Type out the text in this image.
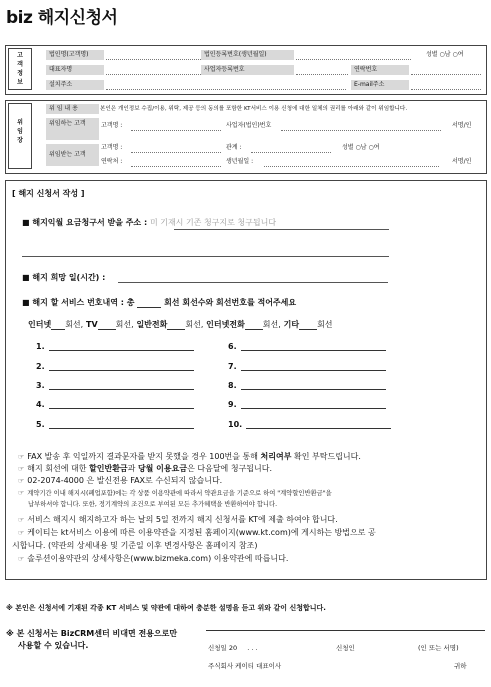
biz 해지신청서
고
객
정
보
법인명(고객명)	법인등록번호(생년월일)	성별 ○남 ○여
대표자명	사업자등록번호	연락번호
설치주소	E-mail주소
위
임
장
위 임 내 용	본인은 개인정보 수집/이용, 위탁, 제공 등의 동의를 포함한 KT서비스 이용 신청에 대한 일체의 권리를 아래와 같이 위임합니다.
위임하는 고객	고객명 :	사업자(법인)번호	서명/인
위임받는 고객
고객명 :	관계 :	성별 ○남 ○여
연락처 :	생년월일 :	서명/인
[ 해지 신청서 작성 ]
■ 해지익월 요금청구서 받을 주소 : 미 기재시 기존 청구지로 청구됩니다
■ 해지 희망 일(시간) :
■ 해지 할 서비스 번호내역 : 총	회선 회선수와 회선번호를 적어주세요
인터넷 회선, TV 회선, 일반전화 회선, 인터넷전화 회선, 기타 회선
1.
2.
3.
4.
5.
6.
7.
8.
9.
10.
☞ FAX 발송 후 익일까지 결과문자를 받지 못했을 경우 100번을 통해 처리여부 확인 부탁드립니다.
☞ 해지 회선에 대한 할인반환금과 당월 이용요금은 다음달에 청구됩니다.
☞ 02-2074-4000 은 발신전용 FAX로 수신되지 않습니다.
☞ 계약기간 이내 해지시(폐업포함)에는 각 상품 이용약관에 따라서 약관요금을 기준으로 하여 "계약할인반환금"을
납부하셔야 합니다. 또한, 정기계약의 조건으로 부여된 모든 추가혜택을 반환하여야 합니다.
☞ 서비스 해지시 해지하고자 하는 날의 5일 전까지 해지 신청서를 KT에 제출 하여야 합니다.
☞ 케이티는 kt서비스 이용에 따른 이용약관을 지정된 홈페이지(www.kt.com)에 게시하는 방법으로 공
시합니다. (약관의 상세내용 및 기준일 이후 변경사항은 홈페이지 참조)
☞ 솔루션이용약관의 상세사항은(www.bizmeka.com) 이용약관에 따릅니다.
※ 본인은 신청서에 기재된 각종 KT 서비스 및 약관에 대하여 충분한 설명을 듣고 위와 같이 신청합니다.
※ 본 신청서는 BizCRM센터 비대면 전용으로만
사용할 수 있습니다.	신청일 20 . . .	신청인	(인 또는 서명)
주식회사 케이티 대표이사	귀하
